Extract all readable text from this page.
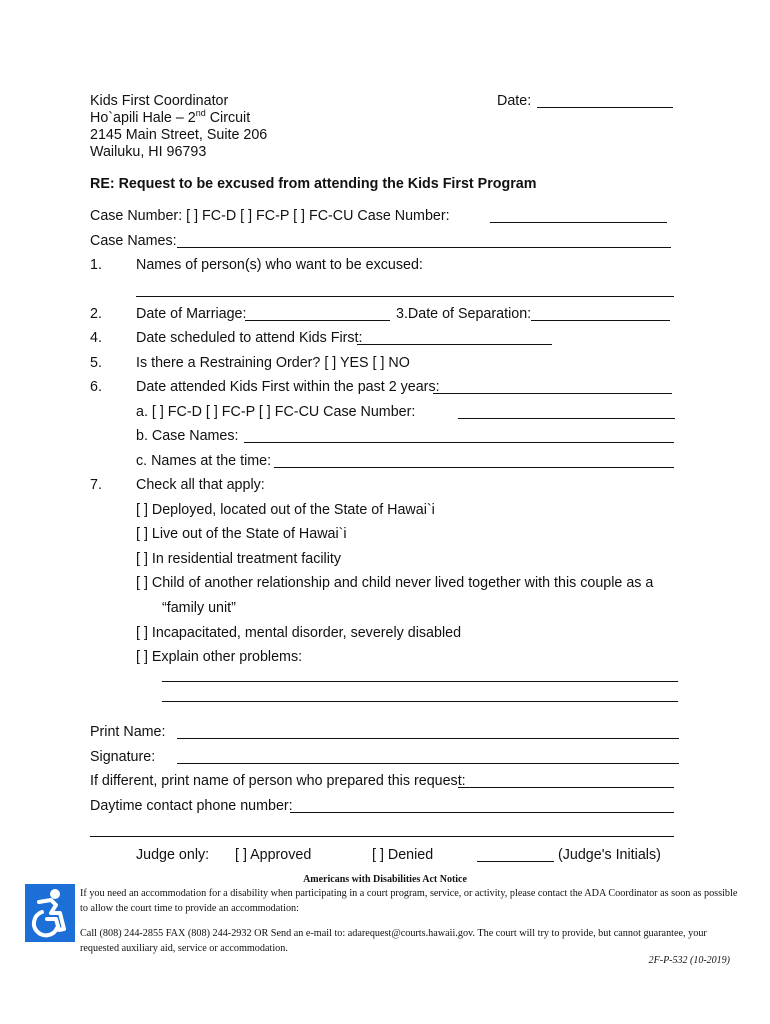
Kids First Coordinator
Ho`apili Hale – 2nd Circuit
2145 Main Street, Suite 206
Wailuku, HI 96793
Date:
RE: Request to be excused from attending the Kids First Program
Case Number: [ ] FC-D [ ] FC-P [ ] FC-CU Case Number:
Case Names:
1. Names of person(s) who want to be excused:
2. Date of Marriage:	3.Date of Separation:
4. Date scheduled to attend Kids First:
5. Is there a Restraining Order? [ ] YES [ ] NO
6. Date attended Kids First within the past 2 years:
a. [ ] FC-D [ ] FC-P [ ] FC-CU Case Number:
b. Case Names:
c. Names at the time:
7. Check all that apply:
[ ] Deployed, located out of the State of Hawai`i
[ ] Live out of the State of Hawai`i
[ ] In residential treatment facility
[ ] Child of another relationship and child never lived together with this couple as a
“family unit”
[ ] Incapacitated, mental disorder, severely disabled
[ ] Explain other problems:
Print Name:
Signature:
If different, print name of person who prepared this request:
Daytime contact phone number:
Judge only: [ ] Approved	[ ] Denied	(Judge's Initials)
Americans with Disabilities Act Notice
If you need an accommodation for a disability when participating in a court program, service, or activity, please contact the ADA Coordinator as soon as possible to allow the court time to provide an accommodation:
Call (808) 244-2855 FAX (808) 244-2932 OR Send an e-mail to: adarequest@courts.hawaii.gov. The court will try to provide, but cannot guarantee, your requested auxiliary aid, service or accommodation.
2F-P-532 (10-2019)
